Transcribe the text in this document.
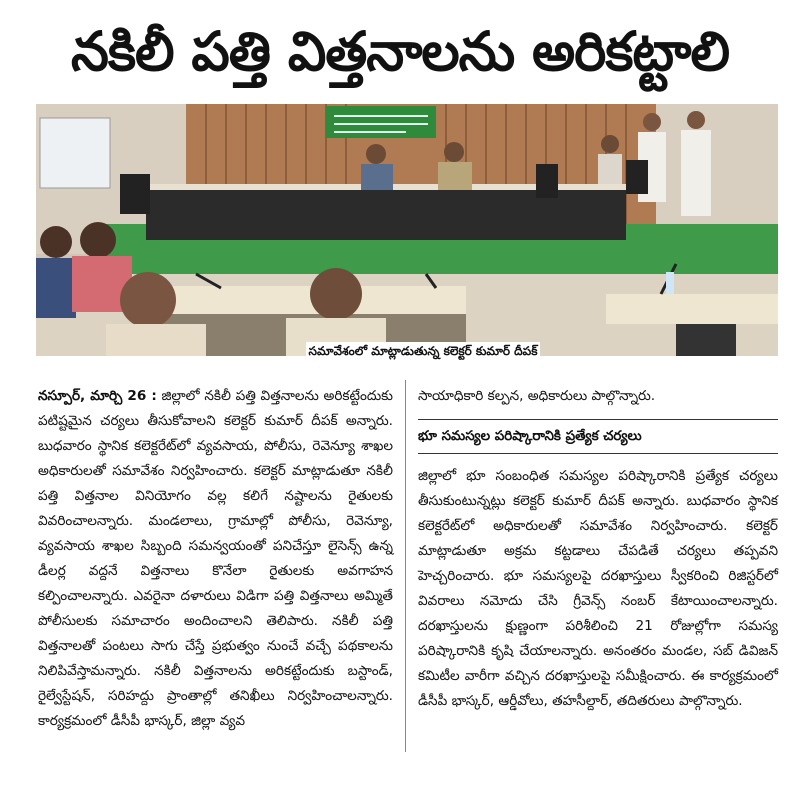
నకిలీ పత్తి విత్తనాలను అరికట్టాలి
సమావేశంలో మాట్లాడుతున్న కలెక్టర్ కుమార్ దీపక్

నస్పూర్, మార్చి 26 : జిల్లాలో నకిలీ పత్తి విత్తనాలను అరికట్టేందుకు పటిష్టమైన చర్యలు తీసుకోవాలని కలెక్టర్ కుమార్ దీపక్ అన్నారు. బుధవారం స్థానిక కలెక్టరేట్‌లో వ్యవసాయ, పోలీసు, రెవెన్యూ శాఖల అధికారులతో సమావేశం నిర్వహించారు. కలెక్టర్ మాట్లాడుతూ నకిలీ పత్తి విత్తనాల వినియోగం వల్ల కలిగే నష్టాలను రైతులకు వివరించాలన్నారు. మండలాలు, గ్రామాల్లో పోలీసు, రెవెన్యూ, వ్యవసాయ శాఖల సిబ్బంది సమన్వయంతో పనిచేస్తూ లైసెన్స్ ఉన్న డీలర్ల వద్దనే విత్తనాలు కొనేలా రైతులకు అవగాహన కల్పించాలన్నారు. ఎవరైనా దళారులు విడిగా పత్తి విత్తనాలు అమ్మితే పోలీసులకు సమాచారం అందించాలని తెలిపారు. నకిలీ పత్తి విత్తనాలతో పంటలు సాగు చేస్తే ప్రభుత్వం నుంచే వచ్చే పథకాలను నిలిపివేస్తామన్నారు. నకిలీ విత్తనాలను అరికట్టేందుకు బస్టాండ్, రైల్వేస్టేషన్, సరిహద్దు ప్రాంతాల్లో తనిఖీలు నిర్వహించాలన్నారు. కార్యక్రమంలో డీసీపీ భాస్కర్, జిల్లా వ్యవ

సాయాధికారి కల్పన, అధికారులు పాల్గొన్నారు.

భూ సమస్యల పరిష్కారానికి ప్రత్యేక చర్యలు

జిల్లాలో భూ సంబంధిత సమస్యల పరిష్కారానికి ప్రత్యేక చర్యలు తీసుకుంటున్నట్లు కలెక్టర్ కుమార్ దీపక్ అన్నారు. బుధవారం స్థానిక కలెక్టరేట్‌లో అధికారులతో సమావేశం నిర్వహించారు. కలెక్టర్ మాట్లాడుతూ అక్రమ కట్టడాలు చేపడితే చర్యలు తప్పవని హెచ్చరించారు. భూ సమస్యలపై దరఖాస్తులు స్వీకరించి రిజిస్టర్‌లో వివరాలు నమోదు చేసి గ్రీవెన్స్ నంబర్ కేటాయించాలన్నారు. దరఖాస్తులను క్షుణ్ణంగా పరిశీలించి 21 రోజుల్లోగా సమస్య పరిష్కారానికి కృషి చేయాలన్నారు. అనంతరం మండల, సబ్ డివిజన్ కమిటీల వారీగా వచ్చిన దరఖాస్తులపై సమీక్షించారు. ఈ కార్యక్రమంలో డీసీపీ భాస్కర్, ఆర్డీవోలు, తహసీల్దార్, తదితరులు పాల్గొన్నారు.
